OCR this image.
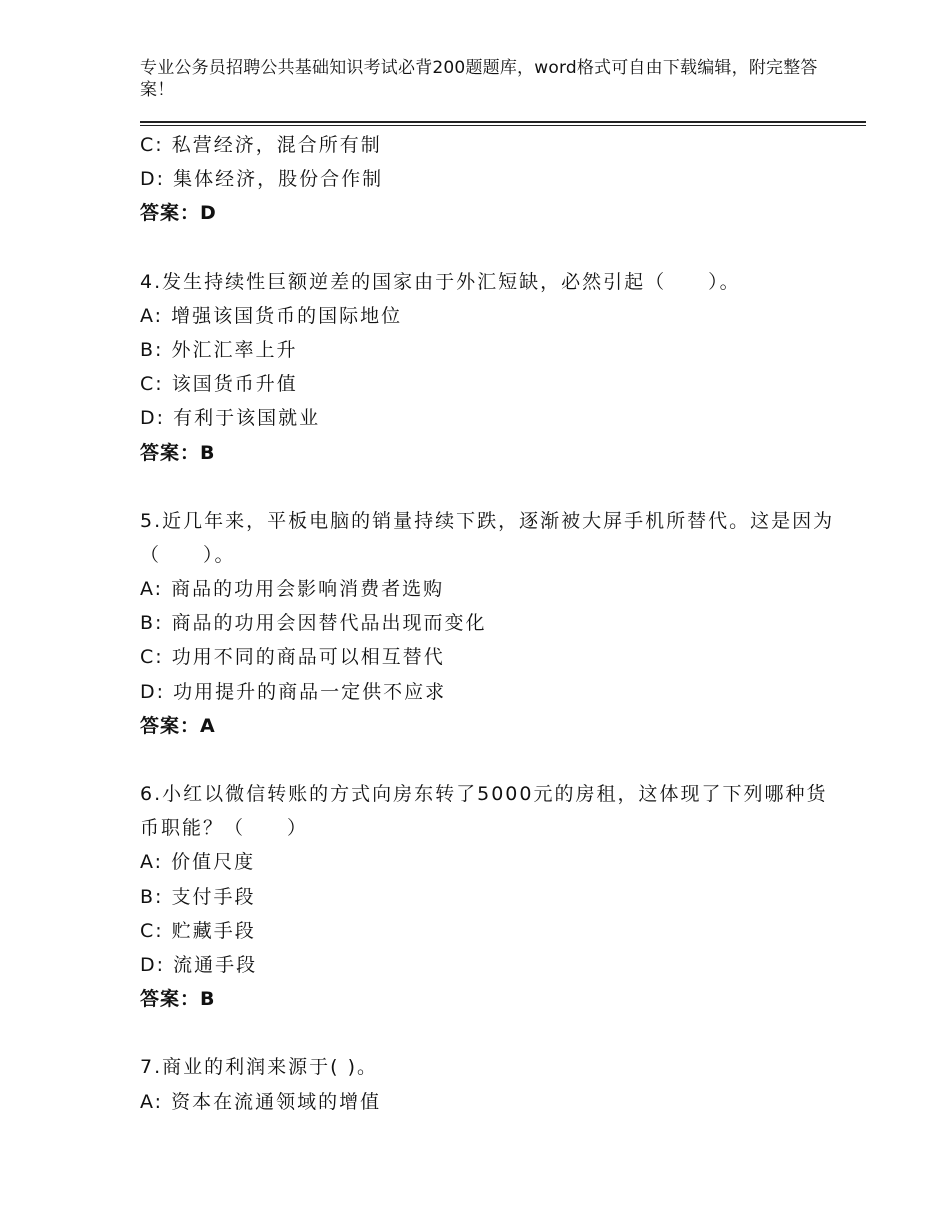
专业公务员招聘公共基础知识考试必背200题题库，word格式可自由下载编辑，附完整答案！
C: 私营经济，混合所有制
D: 集体经济，股份合作制
答案：D
4.发生持续性巨额逆差的国家由于外汇短缺，必然引起（　　）。
A: 增强该国货币的国际地位
B: 外汇汇率上升
C: 该国货币升值
D: 有利于该国就业
答案：B
5.近几年来，平板电脑的销量持续下跌，逐渐被大屏手机所替代。这是因为（　　）。
A: 商品的功用会影响消费者选购
B: 商品的功用会因替代品出现而变化
C: 功用不同的商品可以相互替代
D: 功用提升的商品一定供不应求
答案：A
6.小红以微信转账的方式向房东转了5000元的房租，这体现了下列哪种货币职能？（　　）
A: 价值尺度
B: 支付手段
C: 贮藏手段
D: 流通手段
答案：B
7.商业的利润来源于( )。
A: 资本在流通领域的增值
